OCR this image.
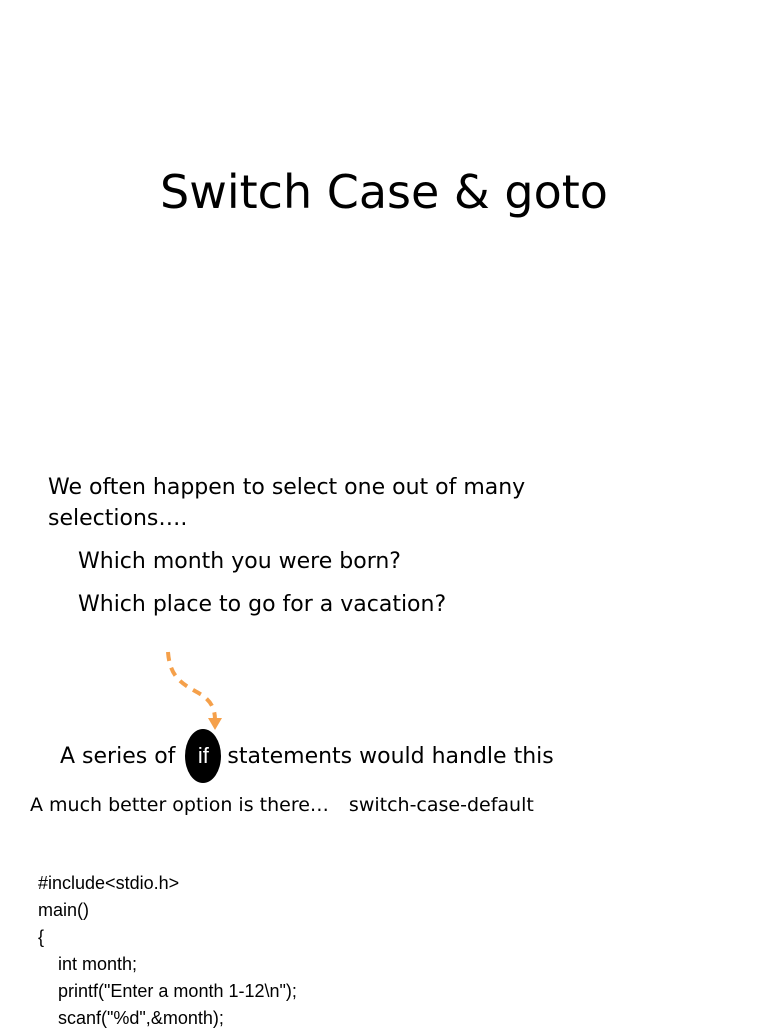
Switch Case & goto

We often happen to select one out of many selections….

Which month you were born?

Which place to go for a vacation?

A series of	if statements would handle this
A much better option is there… switch-case-default
#include<stdio.h>
main()
{
int month;
printf("Enter a month 1-12\n");
scanf("%d",&month);
